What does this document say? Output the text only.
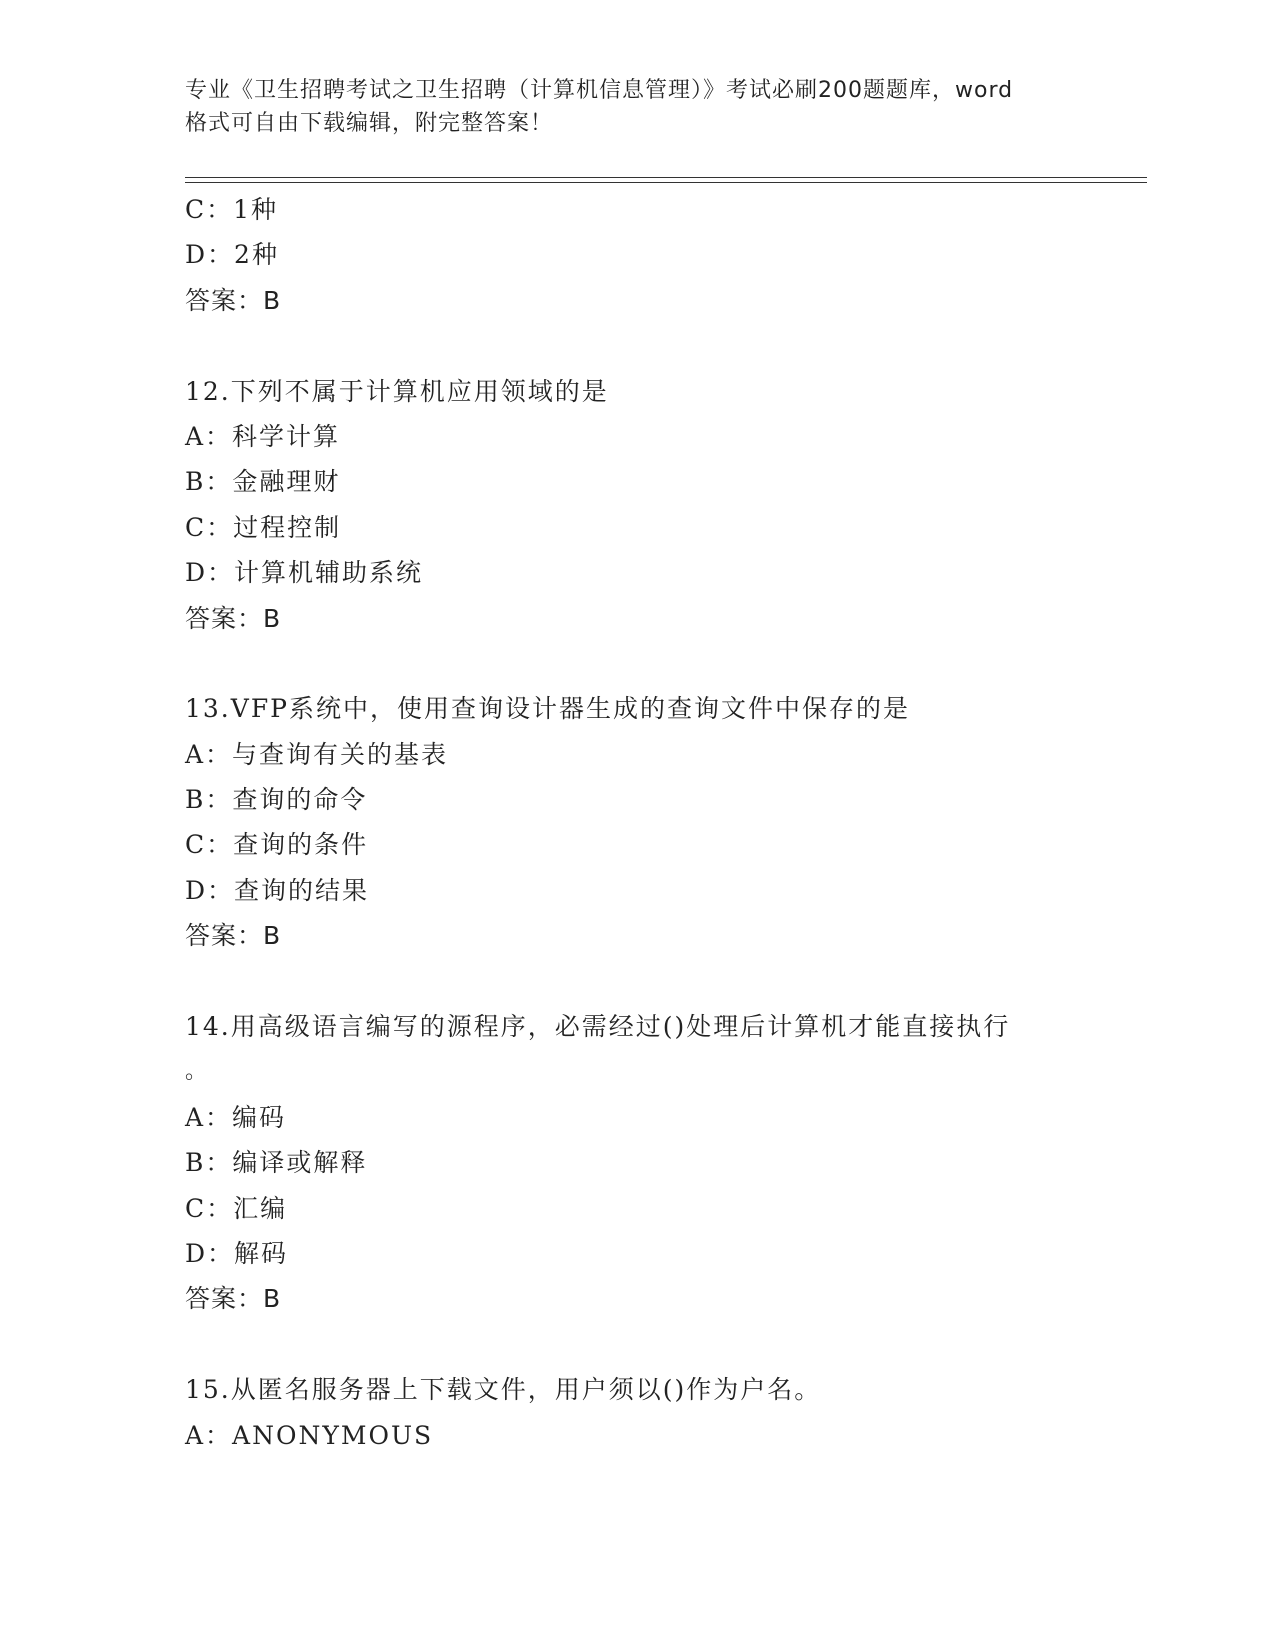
专业《卫生招聘考试之卫生招聘（计算机信息管理）》考试必刷200题题库，word
格式可自由下载编辑，附完整答案！
C：1种
D：2种
答案：B
12.下列不属于计算机应用领域的是
A：科学计算
B：金融理财
C：过程控制
D：计算机辅助系统
答案：B
13.VFP系统中，使用查询设计器生成的查询文件中保存的是
A：与查询有关的基表
B：查询的命令
C：查询的条件
D：查询的结果
答案：B
14.用高级语言编写的源程序，必需经过()处理后计算机才能直接执行
。
A：编码
B：编译或解释
C：汇编
D：解码
答案：B
15.从匿名服务器上下载文件，用户须以()作为户名。
A：ANONYMOUS
